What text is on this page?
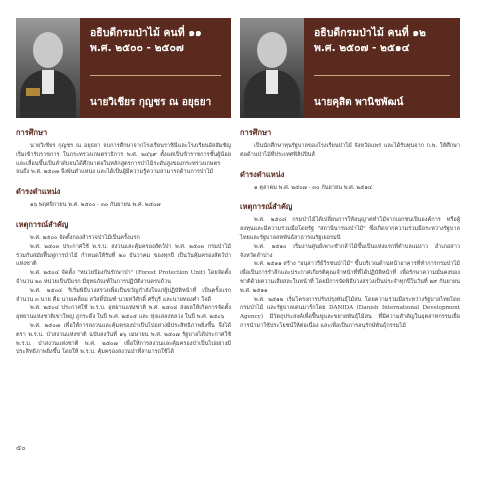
อธิบดีกรมป่าไม้ คนที่ ๑๑
พ.ศ. ๒๕๐๐ - ๒๕๐๗
นายวิเชียร กุญชร ณ อยุธยา
การศึกษา

นายวิเชียร กุญชร ณ อยุธยา จบการศึกษาจากโรงเรียนราชินีและโรงเรียนอัสสัมชัญ เริ่มเข้ารับราชการ ในกระทรวงเกษตราธิการ พ.ศ. ๒๔๖๙ ตั้งแต่เป็นข้าราชการชั้นผู้น้อย และเลื่อนขึ้นเป็นลำดับจนได้ศึกษาต่อในหลักสูตรการป่าไม้ระดับสูงของกระทรวงเกษตร จนถึง พ.ศ. ๒๕๐๗ จึงพ้นตำแหน่ง และได้เป็นผู้มีความรู้ความสามารถด้านการป่าไม้

ดำรงตำแหน่ง

๑๖ พฤศจิกายน พ.ศ. ๒๕๐๐ - ๓๐ กันยายน พ.ศ. ๒๕๐๗

เหตุการณ์สำคัญ

พ.ศ. ๒๕๐๐ จัดตั้งกองสำรวจป่าไม้เป็นครั้งแรก

พ.ศ. ๒๕๐๓ ประกาศใช้ พ.ร.บ. สงวนและคุ้มครองสัตว์ป่า พ.ศ. ๒๕๐๓ กรมป่าไม้ ร่วมกับสมัยฟื้นฟูการป่าไม้ กำหนดให้รับที่ ๒๐ ธันวาคม ของทุกปี เป็นวันคุ้มครองสัตว์ป่าแห่งชาติ

พ.ศ. ๒๕๐๔ จัดตั้ง "หน่วยป้องกันรักษาป่า" (Forest Protection Unit) โดยจัดตั้งจำนวน ๒๐ หน่วยเป็นปีแรก มียุทธภัณฑ์ในการปฏิบัติงานครบถ้วน

พ.ศ. ๒๕๐๔ ริเริ่มพิธีบวงสรวงเพื่อเป็นขวัญกำลังใจแก่ผู้ปฏิบัติหน้าที่ เป็นครั้งแรก จำนวน ๓ นาย คือ นายเคลี่ยม สวัสดิ์บัณฑ์ นายทวีศักดิ์ ศรีบุรี และนายทองคำ ใจดี

พ.ศ. ๒๕๐๔ ประกาศใช้ พ.ร.บ. อุทยานแห่งชาติ พ.ศ. ๒๕๐๔ ส่งผลให้เกิดการจัดตั้ง อุทยานแห่งชาติเขาใหญ่ ภูกระดึง ในปี พ.ศ. ๒๕๐๕ และ ทุ่งแสลงหลวง ในปี พ.ศ. ๒๕๐๖

พ.ศ. ๒๕๐๗ เพื่อให้การสงวนและคุ้มครองป่าเป็นไปอย่างมีประสิทธิภาพยิ่งขึ้น จึงได้ตรา พ.ร.บ. ป่าสงวนแห่งชาติ ฉบับลงวันที่ ๑๖ เมษายน พ.ศ. ๒๕๐๗ รัฐบาลได้ประกาศใช้ พ.ร.บ. ป่าสงวนแห่งชาติ พ.ศ. ๒๕๐๗ เพื่อให้การสงวนและคุ้มครองป่าเป็นไปอย่างมีประสิทธิภาพยิ่งขึ้น โดยให้ พ.ร.บ. คุ้มครองสงวนป่าที่สามารถใช้ได้

อธิบดีกรมป่าไม้ คนที่ ๑๒
พ.ศ. ๒๕๐๗ - ๒๕๑๔
นายคุสิต พานิชพัฒน์
การศึกษา

เป็นนักศึกษาทุนรัฐบาลของโรงเรียนป่าไม้ จังหวัดแพร่ และได้รับทุนจาก ก.พ. ให้ศึกษาต่อด้านป่าไม้ที่ประเทศฟิลิปปินส์

ดำรงตำแหน่ง

๑ ตุลาคม พ.ศ. ๒๕๐๗ - ๓๐ กันยายน พ.ศ. ๒๕๑๔

เหตุการณ์สำคัญ

พ.ศ. ๒๕๐๘ กรมป่าไม้ได้เปลี่ยนการให้อนุญาตทำไม้จากเอกชนเป็นองค์การ หรือผู้ลงทุนและมีความร่วมมือโดยรัฐ "สถานีนาร่องป่าไม้" ซึ่งเกิดจากความร่วมมือระหว่างรัฐบาลไทยและรัฐบาลสหพันธ์สาธารณรัฐเยอรมนี

พ.ศ. ๒๕๑๐ เริ่มงานศูนย์เพาะชำกล้าไม้ขึ้นเป็นแห่งแรกที่ตำบลแม่งาว อำเภอสาว จังหวัดลำปาง

พ.ศ. ๒๕๑๑ สร้าง "อนุสาวรีย์วีรชนป่าไม้" ขึ้นบริเวณด้านหน้าอาคารที่ทำการกรมป่าไม้ เพื่อเป็นการรำลึกและประกาศเกียรติคุณเจ้าหน้าที่ที่ได้ปฏิบัติหน้าที่ เพื่อรักษาความมั่นคงของชาติด้วยความเสียสละในหน้าที่ โดยมีการจัดพิธีบวงสรวงเป็นประจำทุกปีในวันที่ ๒๙ กันยายน พ.ศ. ๒๕๑๑

พ.ศ. ๒๕๑๒ เริ่มโครงการปรับปรุงพันธุ์ไม้สน โดยความร่วมมือระหว่างรัฐบาลไทยโดยกรมป่าไม้ และรัฐบาลเดนมาร์กโดย DANIDA (Danish International Development Agency) มีวัตถุประสงค์เพื่อฟื้นฟูและขยายพันธุ์ไม้สน ที่มีความสำคัญในอุตสาหกรรมเยื่อการนำมาใช้ประโยชน์ให้ต่อเนื่อง และเพื่อเป็นการอนุรักษ์พันธุ์กรรมไม้

๕๐
